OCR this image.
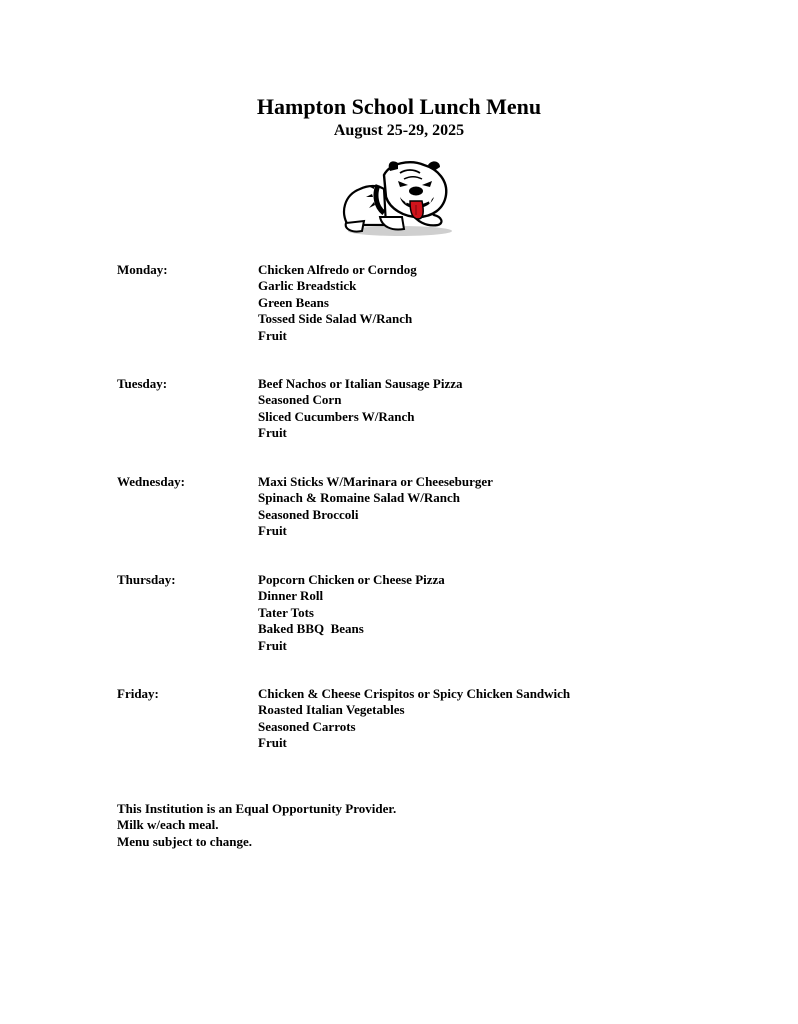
Hampton School Lunch Menu
August 25-29, 2025
Monday:	Chicken Alfredo or Corndog
Garlic Breadstick
Green Beans
Tossed Side Salad W/Ranch
Fruit
Tuesday:	Beef Nachos or Italian Sausage Pizza
Seasoned Corn
Sliced Cucumbers W/Ranch
Fruit
Wednesday:	Maxi Sticks W/Marinara or Cheeseburger
Spinach & Romaine Salad W/Ranch
Seasoned Broccoli
Fruit
Thursday:	Popcorn Chicken or Cheese Pizza
Dinner Roll
Tater Tots
Baked BBQ  Beans
Fruit
Friday:	Chicken & Cheese Crispitos or Spicy Chicken Sandwich
Roasted Italian Vegetables
Seasoned Carrots
Fruit
This Institution is an Equal Opportunity Provider.
Milk w/each meal.
Menu subject to change.
